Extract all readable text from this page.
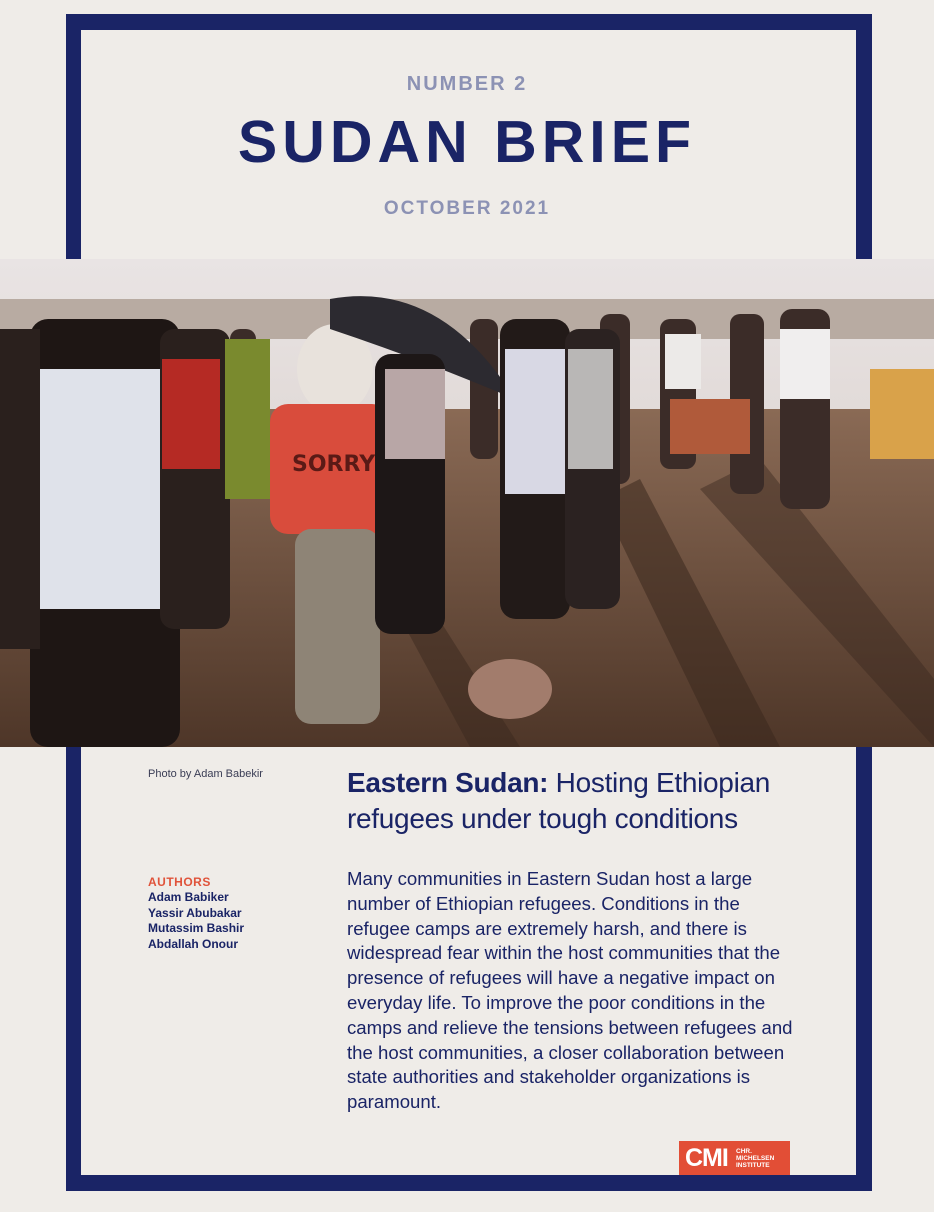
NUMBER 2
SUDAN BRIEF
OCTOBER 2021
SORRY
Photo by Adam Babekir	Eastern Sudan: Hosting Ethiopian refugees under tough conditions
AUTHORS
Adam Babiker
Yassir Abubakar
Mutassim Bashir
Abdallah Onour
Many communities in Eastern Sudan host a large number of Ethiopian refugees. Conditions in the refugee camps are extremely harsh, and there is widespread fear within the host communities that the presence of refugees will have a negative impact on everyday life. To improve the poor conditions in the camps and relieve the tensions between refugees and the host communities, a closer collaboration between state authorities and stakeholder organizations is paramount.
CMI CHR.
MICHELSEN
INSTITUTE
